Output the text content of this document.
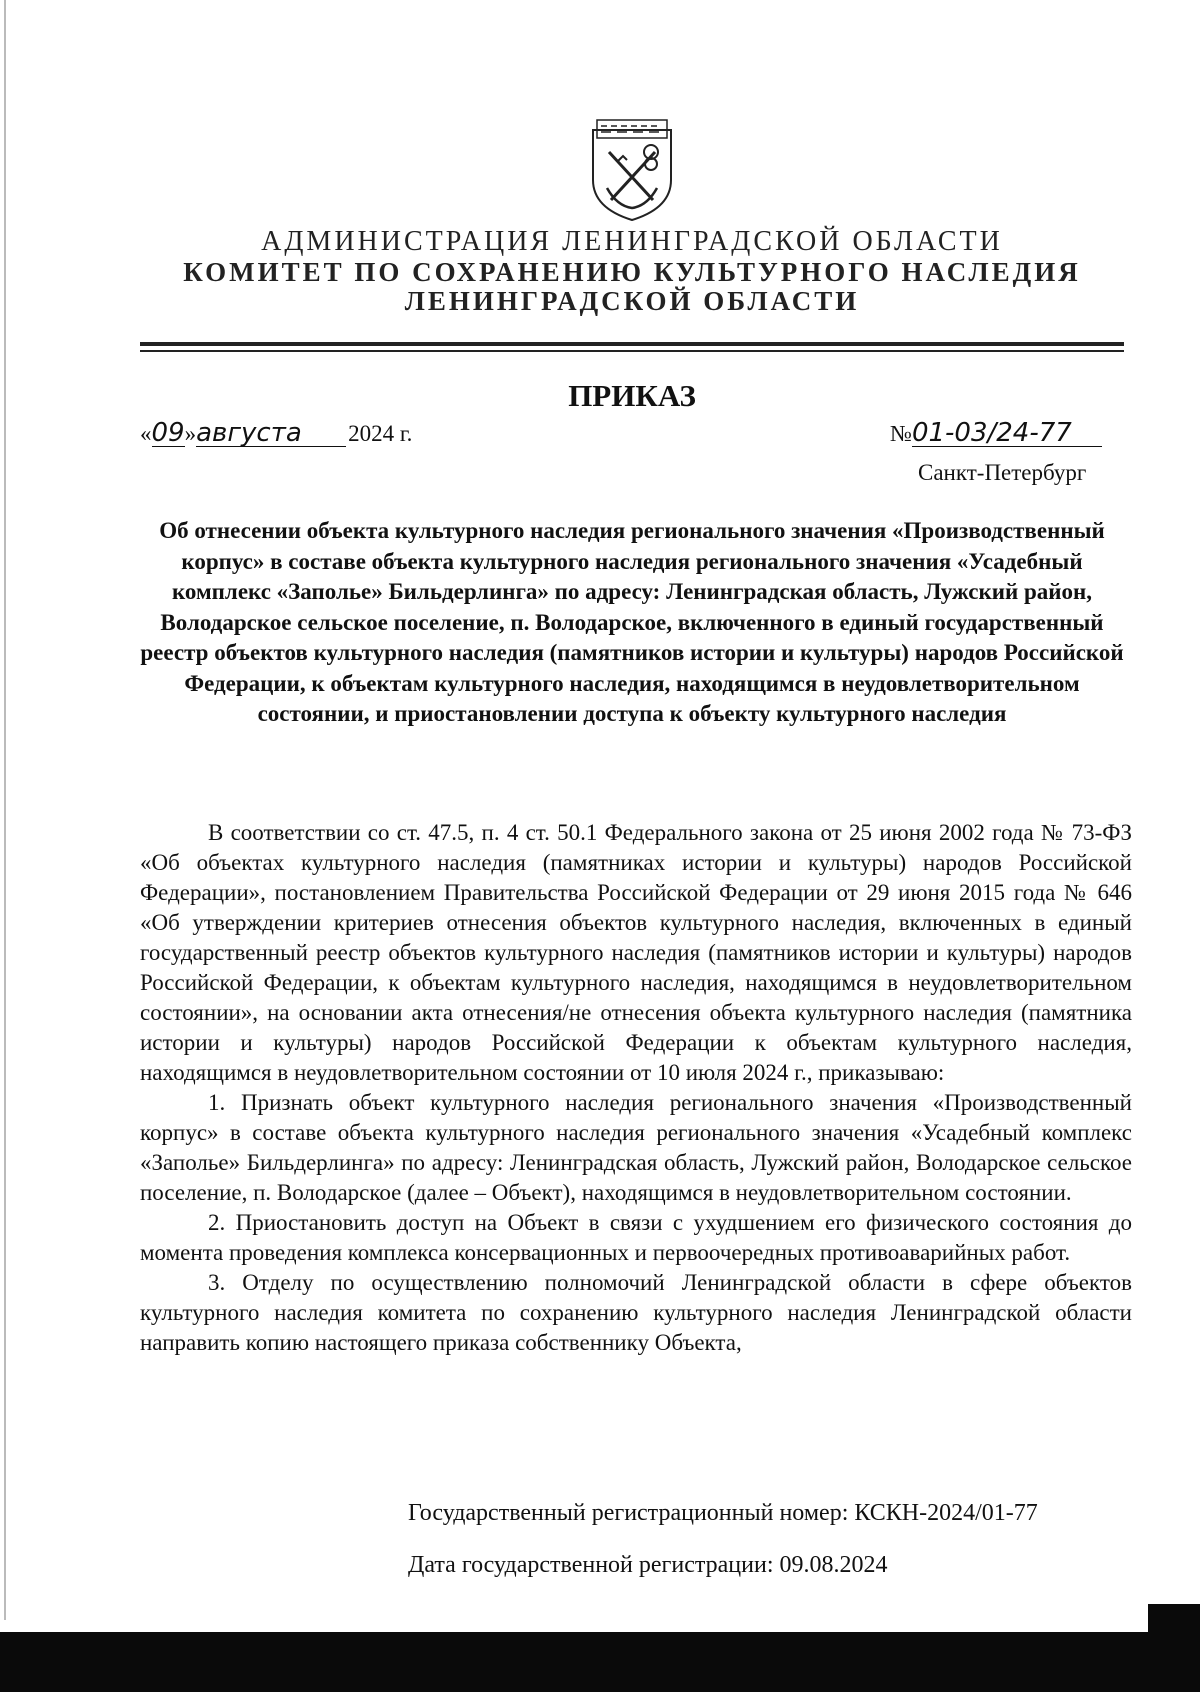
АДМИНИСТРАЦИЯ ЛЕНИНГРАДСКОЙ ОБЛАСТИ
КОМИТЕТ ПО СОХРАНЕНИЮ КУЛЬТУРНОГО НАСЛЕДИЯ
ЛЕНИНГРАДСКОЙ ОБЛАСТИ
ПРИКАЗ
«09»августа 2024 г.	№01-03/24-77
Санкт-Петербург
Об отнесении объекта культурного наследия регионального значения «Производственный корпус» в составе объекта культурного наследия регионального значения «Усадебный комплекс «Заполье» Бильдерлинга» по адресу: Ленинградская область, Лужский район, Володарское сельское поселение, п. Володарское, включенного в единый государственный реестр объектов культурного наследия (памятников истории и культуры) народов Российской Федерации, к объектам культурного наследия, находящимся в неудовлетворительном состоянии, и приостановлении доступа к объекту культурного наследия

В соответствии со ст. 47.5, п. 4 ст. 50.1 Федерального закона от 25 июня 2002 года № 73-ФЗ «Об объектах культурного наследия (памятниках истории и культуры) народов Российской Федерации», постановлением Правительства Российской Федерации от 29 июня 2015 года № 646 «Об утверждении критериев отнесения объектов культурного наследия, включенных в единый государственный реестр объектов культурного наследия (памятников истории и культуры) народов Российской Федерации, к объектам культурного наследия, находящимся в неудовлетворительном состоянии», на основании акта отнесения/не отнесения объекта культурного наследия (памятника истории и культуры) народов Российской Федерации к объектам культурного наследия, находящимся в неудовлетворительном состоянии от 10 июля 2024 г., приказываю:

1. Признать объект культурного наследия регионального значения «Производственный корпус» в составе объекта культурного наследия регионального значения «Усадебный комплекс «Заполье» Бильдерлинга» по адресу: Ленинградская область, Лужский район, Володарское сельское поселение, п. Володарское (далее – Объект), находящимся в неудовлетворительном состоянии.

2. Приостановить доступ на Объект в связи с ухудшением его физического состояния до момента проведения комплекса консервационных и первоочередных противоаварийных работ.

3. Отделу по осуществлению полномочий Ленинградской области в сфере объектов культурного наследия комитета по сохранению культурного наследия Ленинградской области направить копию настоящего приказа собственнику Объекта,

Государственный регистрационный номер: КСКН-2024/01-77
Дата государственной регистрации: 09.08.2024
